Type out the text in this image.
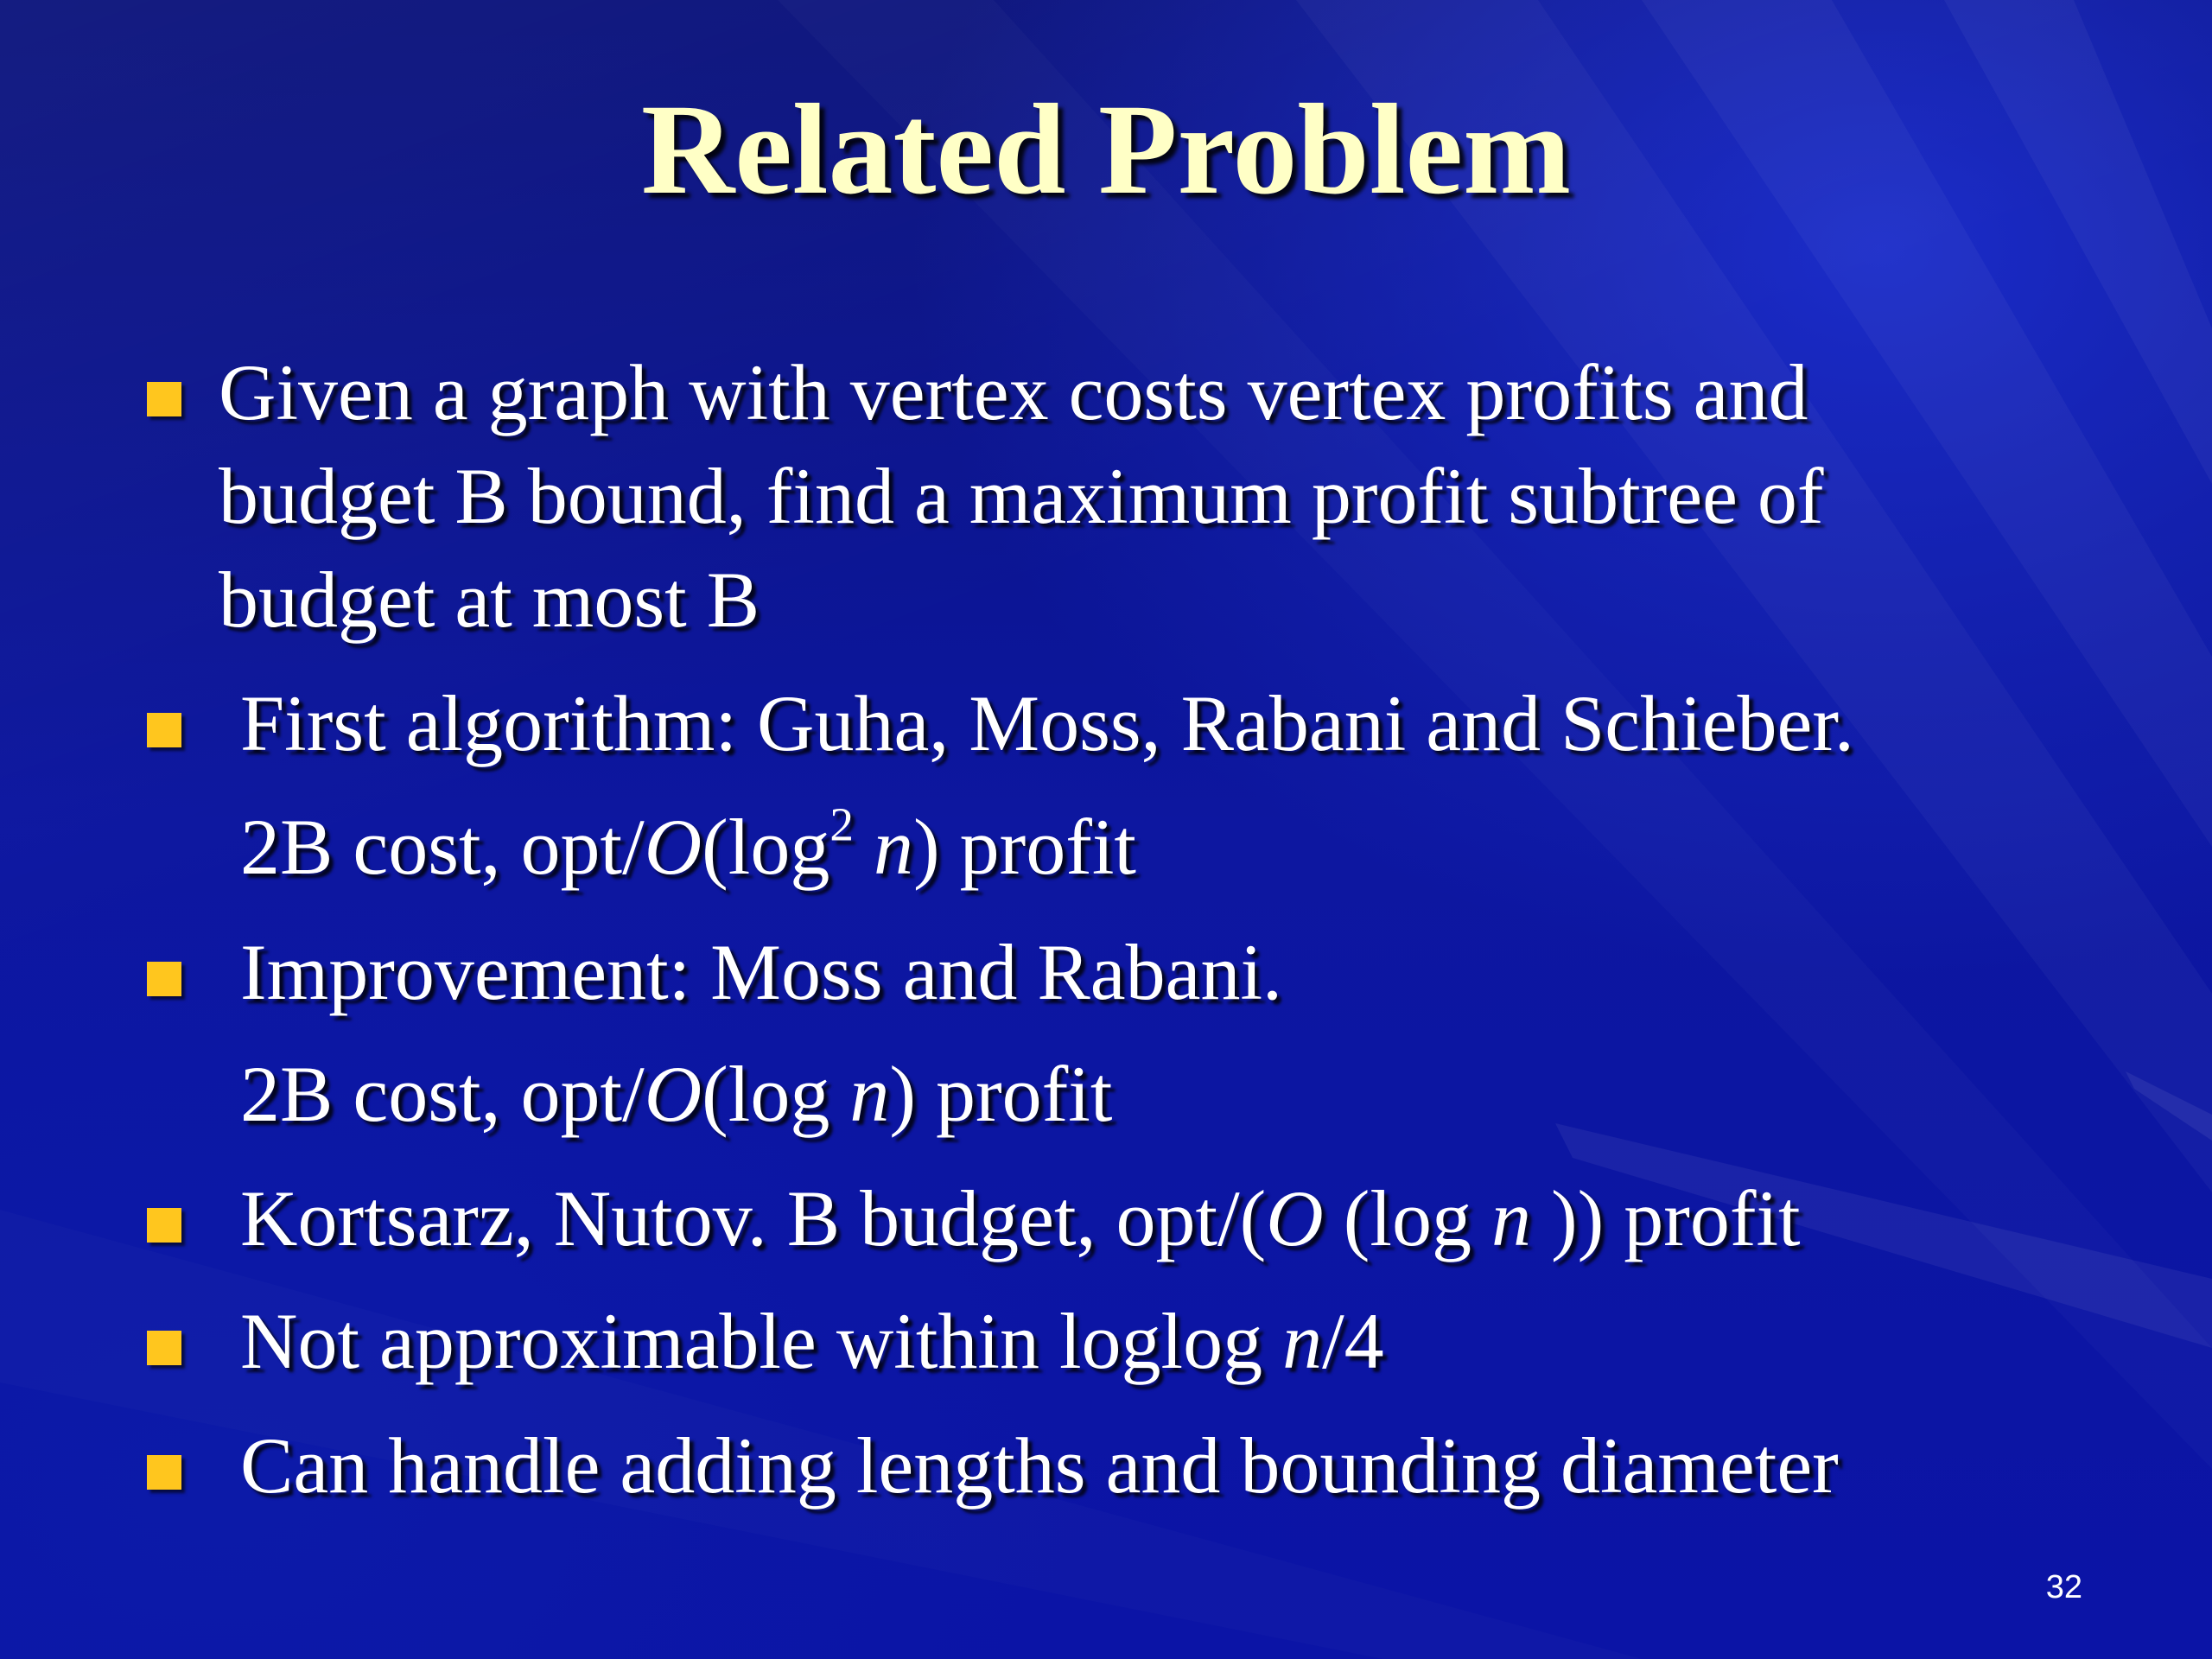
Related Problem
Given a graph with vertex costs vertex profits and
budget B bound, find a maximum profit subtree of
budget at most B
First algorithm: Guha, Moss, Rabani and Schieber.
2B cost, opt/$O(\log^2$ n) profit
Improvement: Moss and Rabani.
2B cost, opt/O(log n) profit
Kortsarz, Nutov. B budget, opt/(O (log n )) profit
Not approximable within loglog n/4
Can handle adding lengths and bounding diameter
32
